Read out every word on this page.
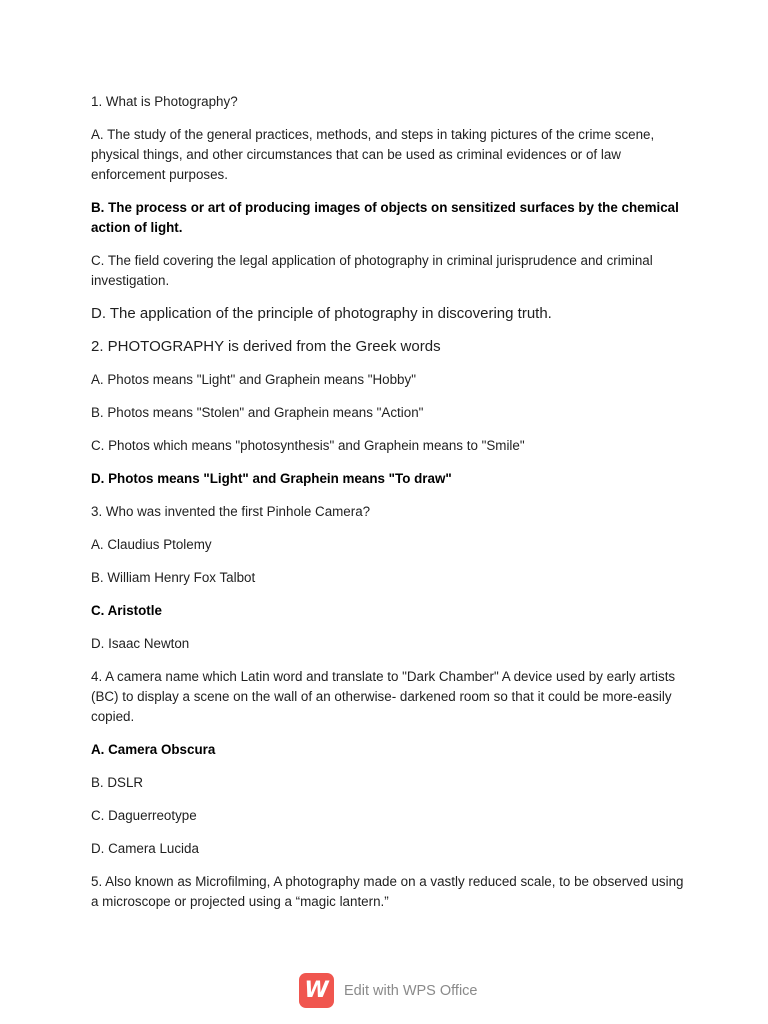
1. What is Photography?

A. The study of the general practices, methods, and steps in taking pictures of the crime scene, physical things, and other circumstances that can be used as criminal evidences or of law enforcement purposes.

B. The process or art of producing images of objects on sensitized surfaces by the chemical action of light.

C. The field covering the legal application of photography in criminal jurisprudence and criminal investigation.

D. The application of the principle of photography in discovering truth.

2. PHOTOGRAPHY is derived from the Greek words

A. Photos means "Light" and Graphein means "Hobby"

B. Photos means "Stolen" and Graphein means "Action"

C. Photos which means "photosynthesis" and Graphein means to "Smile"

D. Photos means "Light" and Graphein means "To draw"

3. Who was invented the first Pinhole Camera?

A. Claudius Ptolemy

B. William Henry Fox Talbot

C. Aristotle

D. Isaac Newton

4. A camera name which Latin word and translate to "Dark Chamber" A device used by early artists (BC) to display a scene on the wall of an otherwise- darkened room so that it could be more-easily copied.

A. Camera Obscura

B. DSLR

C. Daguerreotype

D. Camera Lucida

5. Also known as Microfilming, A photography made on a vastly reduced scale, to be observed using a microscope or projected using a “magic lantern.”

W	Edit with WPS Office
